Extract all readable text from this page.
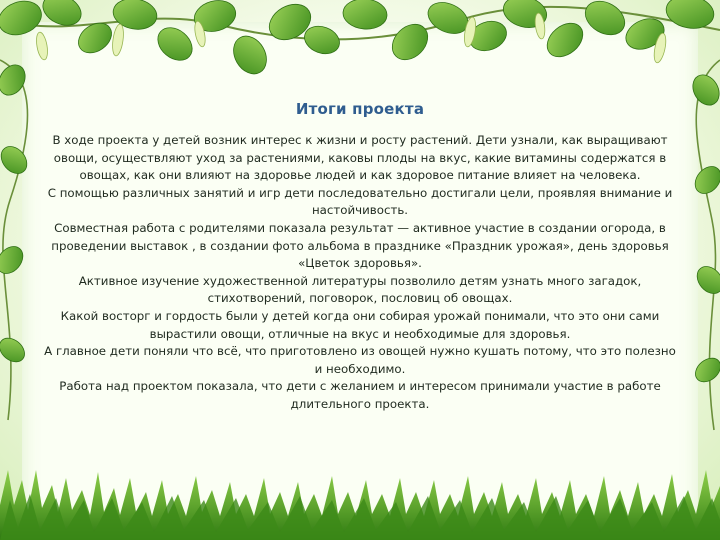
Итоги проекта

В ходе проекта у детей возник интерес к жизни и росту растений. Дети узнали, как выращивают овощи, осуществляют уход за растениями, каковы плоды на вкус, какие витамины содержатся в овощах, как они влияют на здоровье людей и как здоровое питание влияет на человека.

С помощью различных занятий и игр дети последовательно достигали цели, проявляя внимание и настойчивость.

Совместная работа с родителями показала результат — активное участие в создании огорода, в проведении выставок , в создании фото альбома в празднике «Праздник урожая», день здоровья «Цветок здоровья».

Активное изучение художественной литературы позволило детям узнать много загадок, стихотворений, поговорок, пословиц об овощах.

Какой восторг и гордость были у детей когда они собирая урожай понимали, что это они сами вырастили овощи, отличные на вкус и необходимые для здоровья.

А главное дети поняли что всё, что приготовлено из овощей нужно кушать потому, что это полезно и необходимо.

Работа над проектом показала, что дети с желанием и интересом принимали участие в работе длительного проекта.
